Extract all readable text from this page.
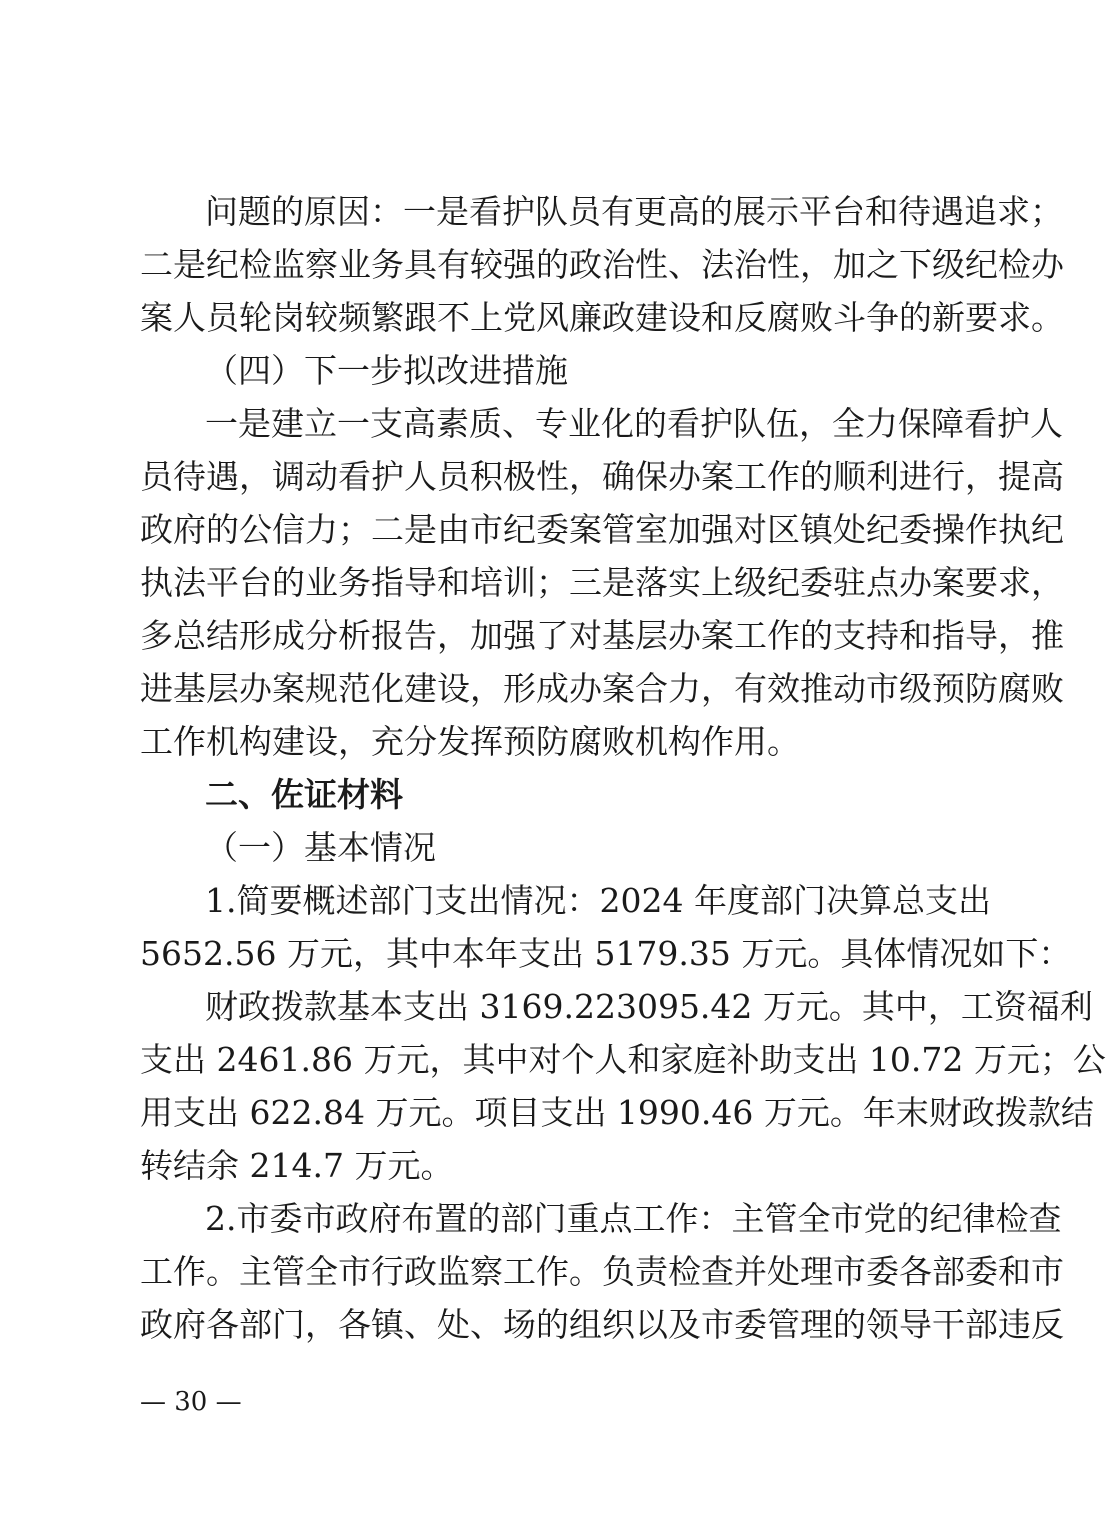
问题的原因：一是看护队员有更高的展示平台和待遇追求；
二是纪检监察业务具有较强的政治性、法治性，加之下级纪检办
案人员轮岗较频繁跟不上党风廉政建设和反腐败斗争的新要求。
（四）下一步拟改进措施
一是建立一支高素质、专业化的看护队伍，全力保障看护人
员待遇，调动看护人员积极性，确保办案工作的顺利进行，提高
政府的公信力；二是由市纪委案管室加强对区镇处纪委操作执纪
执法平台的业务指导和培训；三是落实上级纪委驻点办案要求，
多总结形成分析报告，加强了对基层办案工作的支持和指导，推
进基层办案规范化建设，形成办案合力，有效推动市级预防腐败
工作机构建设，充分发挥预防腐败机构作用。
二、佐证材料
（一）基本情况
1.简要概述部门支出情况：2024 年度部门决算总支出
5652.56 万元，其中本年支出 5179.35 万元。具体情况如下：
财政拨款基本支出 3169.223095.42 万元。其中，工资福利
支出 2461.86 万元，其中对个人和家庭补助支出 10.72 万元；公
用支出 622.84 万元。项目支出 1990.46 万元。年末财政拨款结
转结余 214.7 万元。
2.市委市政府布置的部门重点工作：主管全市党的纪律检查
工作。主管全市行政监察工作。负责检查并处理市委各部委和市
政府各部门，各镇、处、场的组织以及市委管理的领导干部违反
— 30 —
